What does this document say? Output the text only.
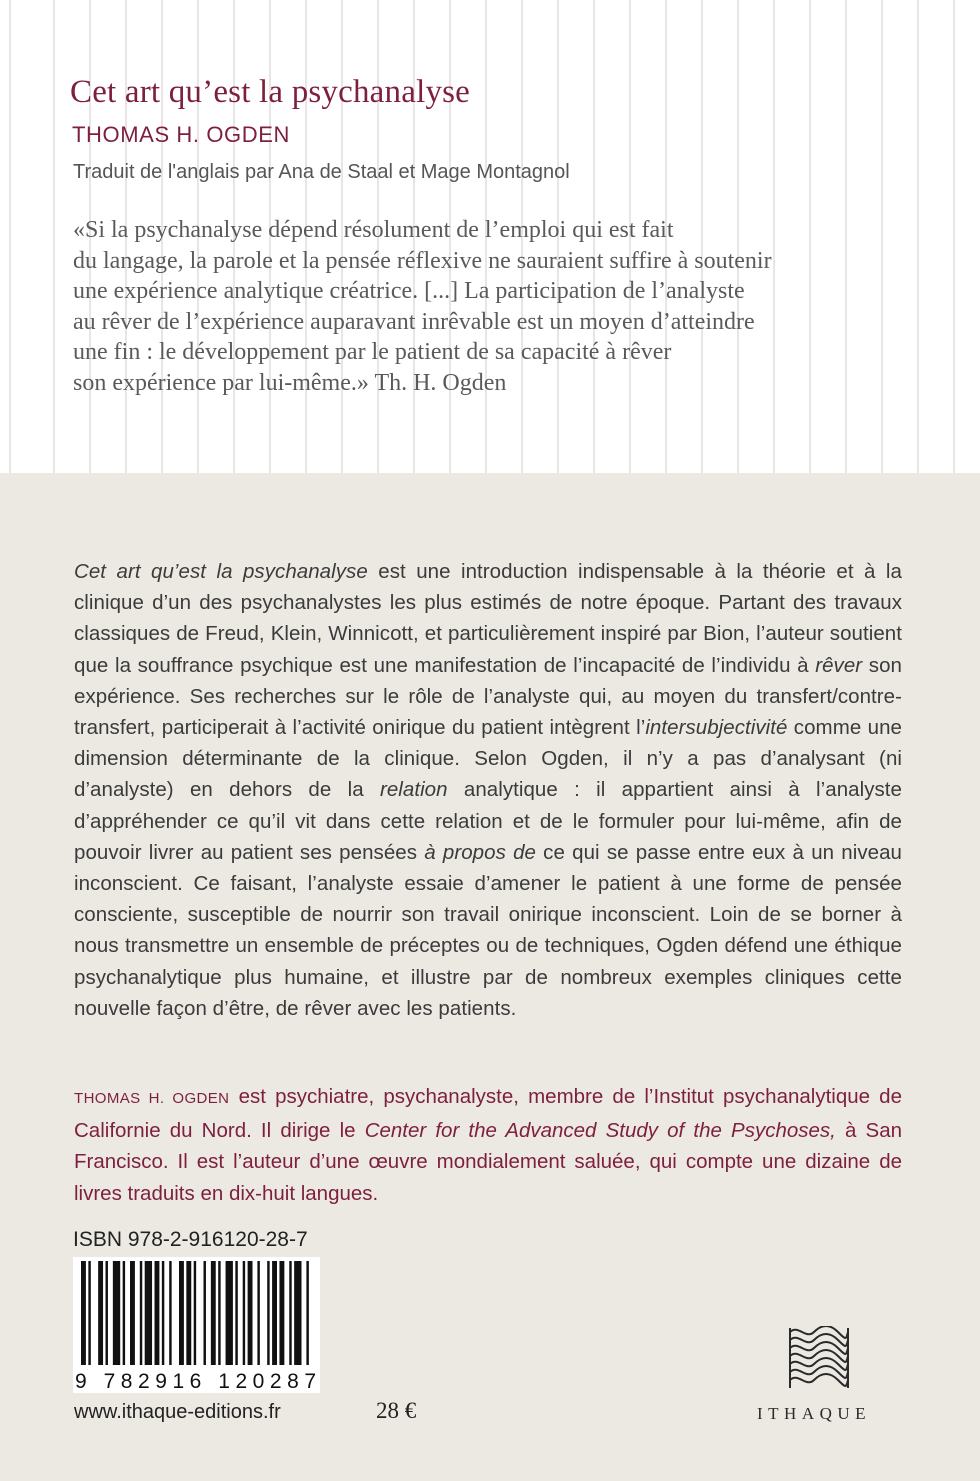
Cet art qu’est la psychanalyse
THOMAS H. OGDEN
Traduit de l'anglais par Ana de Staal et Mage Montagnol
«Si la psychanalyse dépend résolument de l’emploi qui est fait
du langage, la parole et la pensée réflexive ne sauraient suffire à soutenir
une expérience analytique créatrice. [...] La participation de l’analyste
au rêver de l’expérience auparavant inrêvable est un moyen d’atteindre
une fin : le développement par le patient de sa capacité à rêver
son expérience par lui-même.» Th. H. Ogden

Cet art qu’est la psychanalyse est une introduction indispensable à la théorie et à la clinique d’un des psychanalystes les plus estimés de notre époque. Partant des travaux classiques de Freud, Klein, Winnicott, et particulièrement inspiré par Bion, l’auteur soutient que la souffrance psychique est une manifestation de l’incapacité de l’individu à rêver son expérience. Ses recherches sur le rôle de l’analyste qui, au moyen du transfert/contre-transfert, participerait à l’activité onirique du patient intègrent l’intersubjectivité comme une dimension déterminante de la clinique. Selon Ogden, il n’y a pas d’analysant (ni d’analyste) en dehors de la relation analytique : il appartient ainsi à l’analyste d’appréhender ce qu’il vit dans cette relation et de le formuler pour lui-même, afin de pouvoir livrer au patient ses pensées à propos de ce qui se passe entre eux à un niveau inconscient. Ce faisant, l’analyste essaie d’amener le patient à une forme de pensée consciente, susceptible de nourrir son travail onirique inconscient. Loin de se borner à nous transmettre un ensemble de préceptes ou de techniques, Ogden défend une éthique psychanalytique plus humaine, et illustre par de nombreux exemples cliniques cette nouvelle façon d’être, de rêver avec les patients.

THOMAS H. OGDEN est psychiatre, psychanalyste, membre de l’Institut psychanalytique de Californie du Nord. Il dirige le Center for the Advanced Study of the Psychoses, à San Francisco. Il est l’auteur d’une œuvre mondialement saluée, qui compte une dizaine de livres traduits en dix-huit langues.

ISBN 978-2-916120-28-7
9 782916 120287
www.ithaque-editions.fr	28 €	ITHAQUE
